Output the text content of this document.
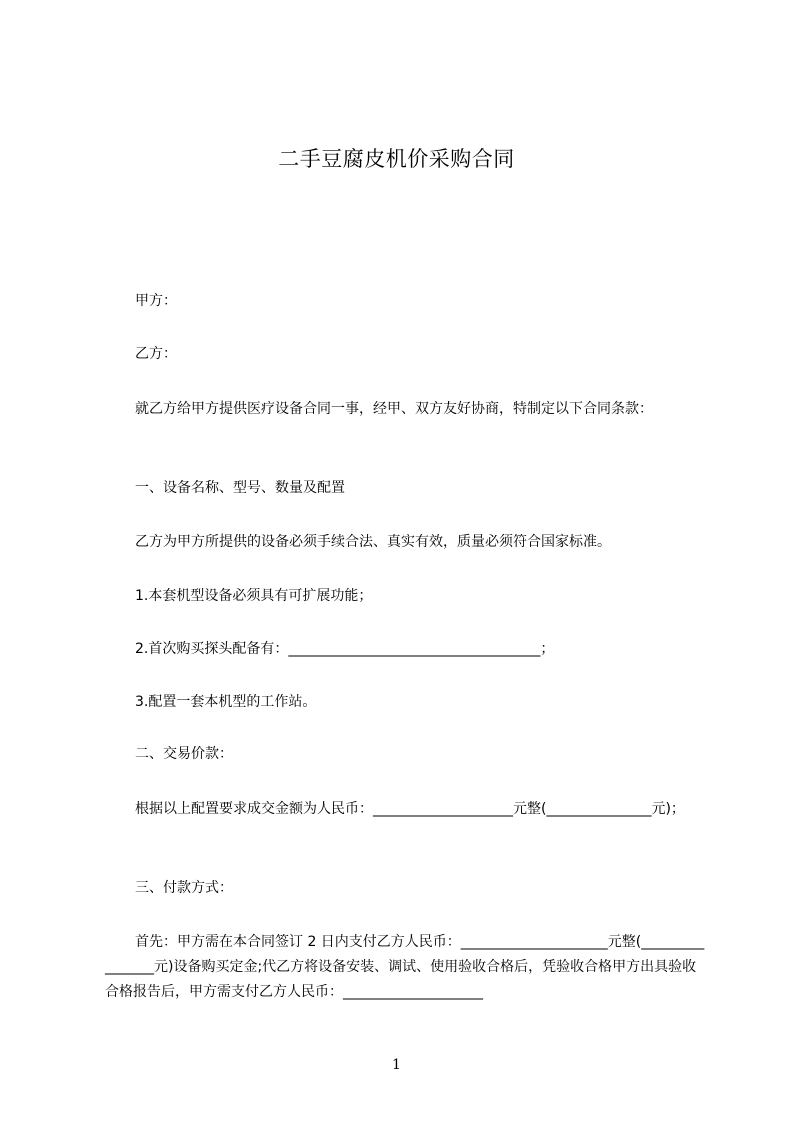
二手豆腐皮机价采购合同

甲方：

乙方：

就乙方给甲方提供医疗设备合同一事，经甲、双方友好协商，特制定以下合同条款：

一、设备名称、型号、数量及配置

乙方为甲方所提供的设备必须手续合法、真实有效，质量必须符合国家标准。

1.本套机型设备必须具有可扩展功能；

2.首次购买探头配备有：____________________________________；

3.配置一套本机型的工作站。

二、交易价款：

根据以上配置要求成交金额为人民币：____________________元整(_______________元)；

三、付款方式：

首先：甲方需在本合同签订 2 日内支付乙方人民币：_____________________元整(________________元)设备购买定金;代乙方将设备安装、调试、使用验收合格后，凭验收合格甲方出具验收合格报告后，甲方需支付乙方人民币：____________________

1
